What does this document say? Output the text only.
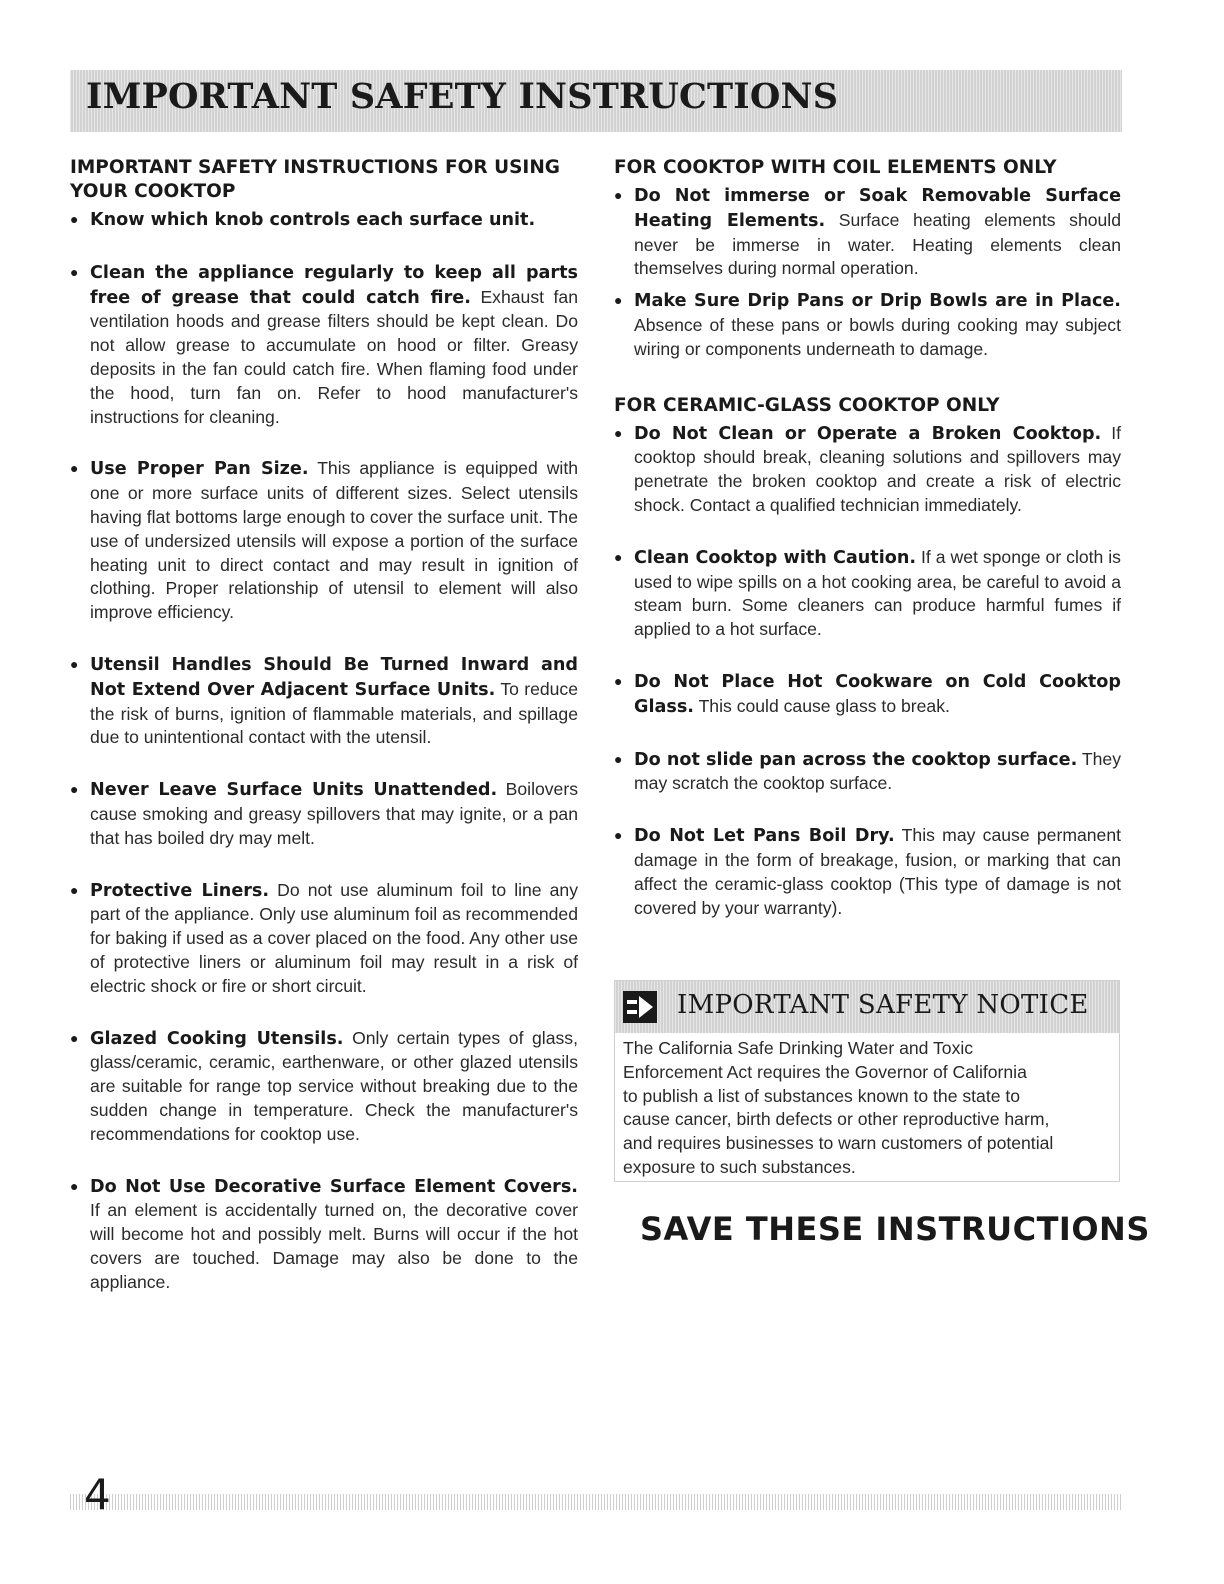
IMPORTANT SAFETY INSTRUCTIONS
IMPORTANT SAFETY INSTRUCTIONS FOR USING YOUR COOKTOP
● Know which knob controls each surface unit.
● Clean the appliance regularly to keep all parts free of grease that could catch fire. Exhaust fan ventilation hoods and grease filters should be kept clean. Do not allow grease to accumulate on hood or filter. Greasy deposits in the fan could catch fire. When flaming food under the hood, turn fan on. Refer to hood manufacturer's instructions for cleaning.
● Use Proper Pan Size. This appliance is equipped with one or more surface units of different sizes. Select utensils having flat bottoms large enough to cover the surface unit. The use of undersized utensils will expose a portion of the surface heating unit to direct contact and may result in ignition of clothing. Proper relationship of utensil to element will also improve efficiency.
● Utensil Handles Should Be Turned Inward and Not Extend Over Adjacent Surface Units. To reduce the risk of burns, ignition of flammable materials, and spillage due to unintentional contact with the utensil.
● Never Leave Surface Units Unattended. Boilovers cause smoking and greasy spillovers that may ignite, or a pan that has boiled dry may melt.
● Protective Liners. Do not use aluminum foil to line any part of the appliance. Only use aluminum foil as recommended for baking if used as a cover placed on the food. Any other use of protective liners or aluminum foil may result in a risk of electric shock or fire or short circuit.
● Glazed Cooking Utensils. Only certain types of glass, glass/ceramic, ceramic, earthenware, or other glazed utensils are suitable for range top service without breaking due to the sudden change in temperature. Check the manufacturer's recommendations for cooktop use.
● Do Not Use Decorative Surface Element Covers. If an element is accidentally turned on, the decorative cover will become hot and possibly melt. Burns will occur if the hot covers are touched. Damage may also be done to the appliance.
FOR COOKTOP WITH COIL ELEMENTS ONLY
● Do Not immerse or Soak Removable Surface Heating Elements. Surface heating elements should never be immerse in water. Heating elements clean themselves during normal operation.
● Make Sure Drip Pans or Drip Bowls are in Place. Absence of these pans or bowls during cooking may subject wiring or components underneath to damage.
FOR CERAMIC-GLASS COOKTOP ONLY
● Do Not Clean or Operate a Broken Cooktop. If cooktop should break, cleaning solutions and spillovers may penetrate the broken cooktop and create a risk of electric shock. Contact a qualified technician immediately.
● Clean Cooktop with Caution. If a wet sponge or cloth is used to wipe spills on a hot cooking area, be careful to avoid a steam burn. Some cleaners can produce harmful fumes if applied to a hot surface.
● Do Not Place Hot Cookware on Cold Cooktop Glass. This could cause glass to break.
● Do not slide pan across the cooktop surface. They may scratch the cooktop surface.
● Do Not Let Pans Boil Dry. This may cause permanent damage in the form of breakage, fusion, or marking that can affect the ceramic-glass cooktop (This type of damage is not covered by your warranty).
IMPORTANT SAFETY NOTICE
The California Safe Drinking Water and Toxic
Enforcement Act requires the Governor of California
to publish a list of substances known to the state to
cause cancer, birth defects or other reproductive harm,
and requires businesses to warn customers of potential
exposure to such substances.
SAVE THESE INSTRUCTIONS
4
